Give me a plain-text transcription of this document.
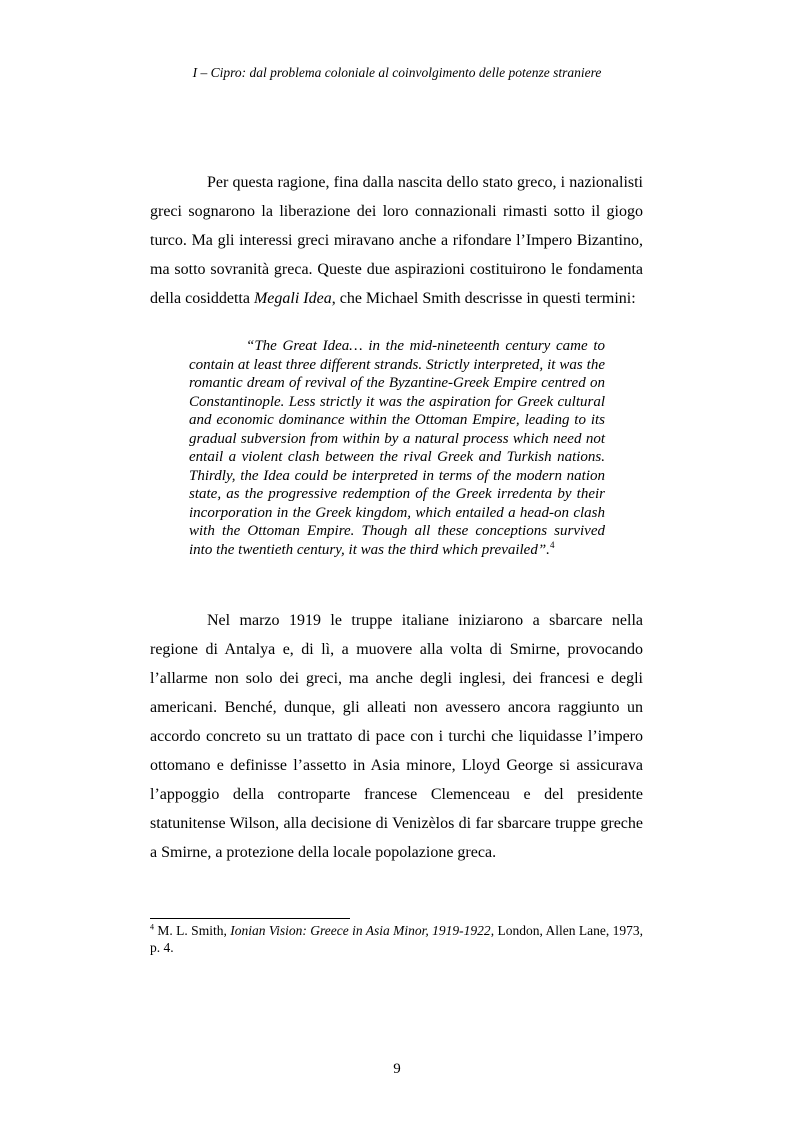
I – Cipro: dal problema coloniale al coinvolgimento delle potenze straniere

Per questa ragione, fina dalla nascita dello stato greco, i nazionalisti greci sognarono la liberazione dei loro connazionali rimasti sotto il giogo turco. Ma gli interessi greci miravano anche a rifondare l’Impero Bizantino, ma sotto sovranità greca. Queste due aspirazioni costituirono le fondamenta della cosiddetta Megali Idea, che Michael Smith descrisse in questi termini:

“The Great Idea… in the mid-nineteenth century came to contain at least three different strands. Strictly interpreted, it was the romantic dream of revival of the Byzantine-Greek Empire centred on Constantinople. Less strictly it was the aspiration for Greek cultural and economic dominance within the Ottoman Empire, leading to its gradual subversion from within by a natural process which need not entail a violent clash between the rival Greek and Turkish nations. Thirdly, the Idea could be interpreted in terms of the modern nation state, as the progressive redemption of the Greek irredenta by their incorporation in the Greek kingdom, which entailed a head-on clash with the Ottoman Empire. Though all these conceptions survived into the twentieth century, it was the third which prevailed”.$^4$

Nel marzo 1919 le truppe italiane iniziarono a sbarcare nella regione di Antalya e, di lì, a muovere alla volta di Smirne, provocando l’allarme non solo dei greci, ma anche degli inglesi, dei francesi e degli americani. Benché, dunque, gli alleati non avessero ancora raggiunto un accordo concreto su un trattato di pace con i turchi che liquidasse l’impero ottomano e definisse l’assetto in Asia minore, Lloyd George si assicurava l’appoggio della controparte francese Clemenceau e del presidente statunitense Wilson, alla decisione di Venizèlos di far sbarcare truppe greche a Smirne, a protezione della locale popolazione greca.

$^4$ M. L. Smith, Ionian Vision: Greece in Asia Minor, 1919-1922, London, Allen Lane, 1973, p. 4.

9
